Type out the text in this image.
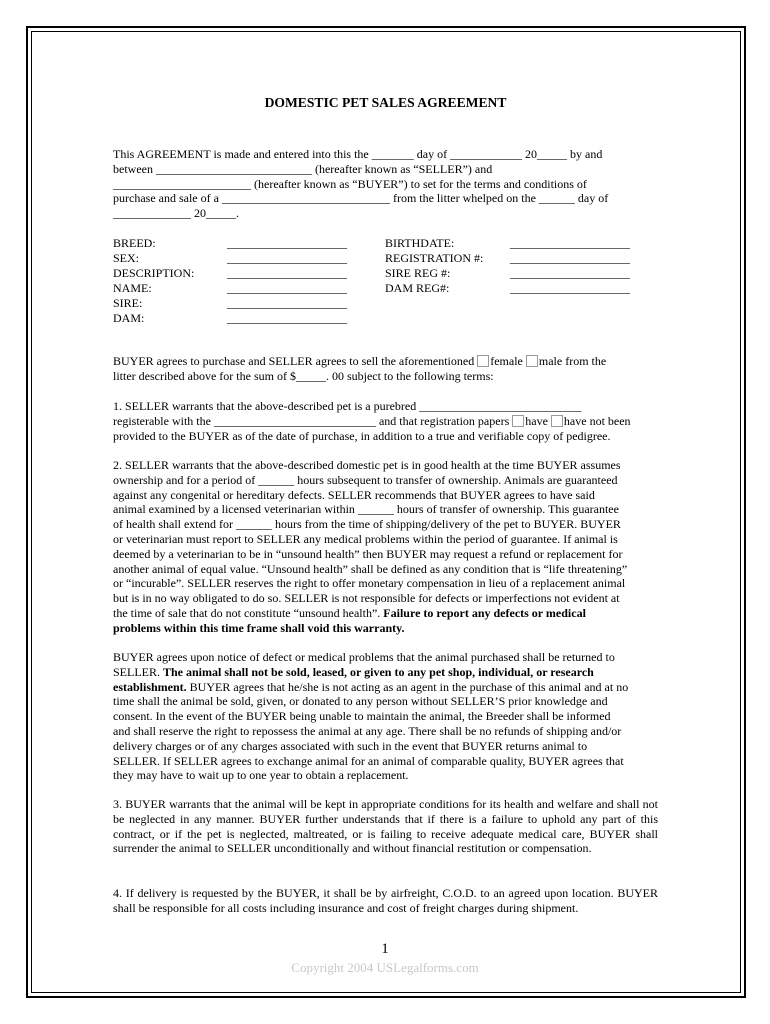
DOMESTIC PET SALES AGREEMENT
This AGREEMENT is made and entered into this the _______ day of ____________ 20_____ by and
between __________________________ (hereafter known as “SELLER”) and
_______________________ (hereafter known as “BUYER”) to set for the terms and conditions of
purchase and sale of a ____________________________ from the litter whelped on the ______ day of
_____________ 20_____.
BREED:	____________________	BIRTHDATE:	____________________
SEX:	____________________	REGISTRATION #: ____________________
DESCRIPTION:	____________________	SIRE REG #:	____________________
NAME:	____________________	DAM REG#:	____________________
SIRE:	____________________
DAM:	____________________
BUYER agrees to purchase and SELLER agrees to sell the aforementioned female male from the
litter described above for the sum of $_____. 00 subject to the following terms:
1. SELLER warrants that the above-described pet is a purebred ___________________________
registerable with the ___________________________ and that registration papers have have not been
provided to the BUYER as of the date of purchase, in addition to a true and verifiable copy of pedigree.
2. SELLER warrants that the above-described domestic pet is in good health at the time BUYER assumes
ownership and for a period of ______ hours subsequent to transfer of ownership. Animals are guaranteed
against any congenital or hereditary defects. SELLER recommends that BUYER agrees to have said
animal examined by a licensed veterinarian within ______ hours of transfer of ownership. This guarantee
of health shall extend for ______ hours from the time of shipping/delivery of the pet to BUYER. BUYER
or veterinarian must report to SELLER any medical problems within the period of guarantee. If animal is
deemed by a veterinarian to be in “unsound health” then BUYER may request a refund or replacement for
another animal of equal value. “Unsound health” shall be defined as any condition that is “life threatening”
or “incurable”. SELLER reserves the right to offer monetary compensation in lieu of a replacement animal
but is in no way obligated to do so. SELLER is not responsible for defects or imperfections not evident at
the time of sale that do not constitute “unsound health”. Failure to report any defects or medical
problems within this time frame shall void this warranty.
BUYER agrees upon notice of defect or medical problems that the animal purchased shall be returned to
SELLER. The animal shall not be sold, leased, or given to any pet shop, individual, or research
establishment. BUYER agrees that he/she is not acting as an agent in the purchase of this animal and at no
time shall the animal be sold, given, or donated to any person without SELLER’S prior knowledge and
consent. In the event of the BUYER being unable to maintain the animal, the Breeder shall be informed
and shall reserve the right to repossess the animal at any age. There shall be no refunds of shipping and/or
delivery charges or of any charges associated with such in the event that BUYER returns animal to
SELLER. If SELLER agrees to exchange animal for an animal of comparable quality, BUYER agrees that
they may have to wait up to one year to obtain a replacement.

3. BUYER warrants that the animal will be kept in appropriate conditions for its health and welfare and shall not be neglected in any manner. BUYER further understands that if there is a failure to uphold any part of this contract, or if the pet is neglected, maltreated, or is failing to receive adequate medical care, BUYER shall surrender the animal to SELLER unconditionally and without financial restitution or compensation.

4. If delivery is requested by the BUYER, it shall be by airfreight, C.O.D. to an agreed upon location. BUYER shall be responsible for all costs including insurance and cost of freight charges during shipment.

1
Copyright 2004 USLegalforms.com
